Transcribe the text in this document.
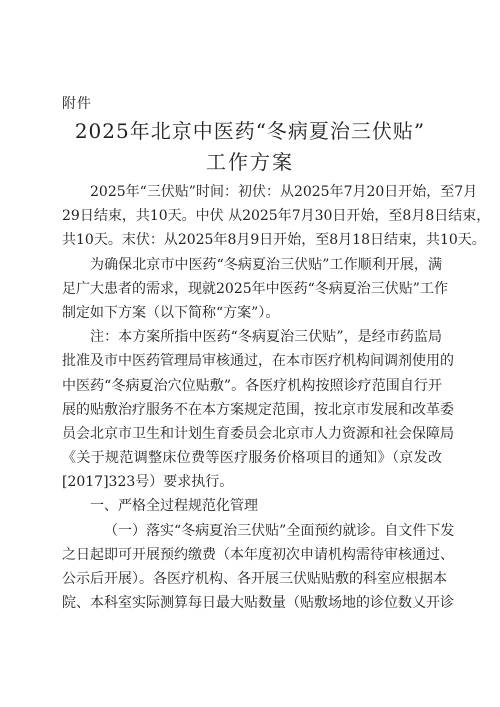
附件
2025年北京中医药“冬病夏治三伏贴”
工作方案
2025年“三伏贴”时间：初伏：从2025年7月20日开始，至7月
29日结束，共10天。中伏 从2025年7月30日开始，至8月8日结束，
共10天。末伏：从2025年8月9日开始，至8月18日结束，共10天。
为确保北京市中医药“冬病夏治三伏贴”工作顺利开展，满
足广大患者的需求，现就2025年中医药“冬病夏治三伏贴”工作
制定如下方案（以下简称“方案”）。
注：本方案所指中医药“冬病夏治三伏贴”，是经市药监局
批准及市中医药管理局审核通过，在本市医疗机构间调剂使用的
中医药“冬病夏治穴位贴敷”。各医疗机构按照诊疗范围自行开
展的贴敷治疗服务不在本方案规定范围，按北京市发展和改革委
员会北京市卫生和计划生育委员会北京市人力资源和社会保障局
《关于规范调整床位费等医疗服务价格项目的通知》（京发改
[2017]323号）要求执行。
一、严格全过程规范化管理
（一）落实“冬病夏治三伏贴”全面预约就诊。自文件下发
之日起即可开展预约缴费（本年度初次申请机构需待审核通过、
公示后开展）。各医疗机构、各开展三伏贴贴敷的科室应根据本
院、本科室实际测算每日最大贴数量（贴敷场地的诊位数乂开诊
